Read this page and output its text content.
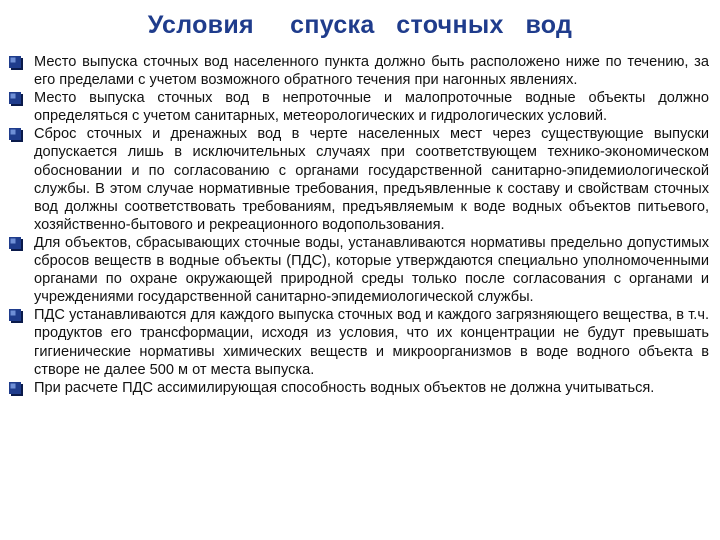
Условия     спуска   сточных   вод
Место выпуска сточных вод населенного пункта должно быть расположено ниже по течению, за его пределами с учетом возможного обратного течения при нагонных явлениях.
Место выпуска сточных вод в непроточные и малопроточные водные объекты должно определяться с учетом санитарных, метеорологических и гидрологических условий.
Сброс сточных и дренажных вод в черте населенных мест через существующие выпуски допускается лишь в исключительных случаях при соответствующем технико-экономическом обосновании и по согласованию с органами государственной санитарно-эпидемиологической службы. В этом случае нормативные требования, предъявленные к составу и свойствам сточных вод должны соответствовать требованиям, предъявляемым к воде водных объектов питьевого, хозяйственно-бытового и рекреационного водопользования.
Для объектов, сбрасывающих сточные воды, устанавливаются нормативы предельно допустимых сбросов веществ в водные объекты (ПДС), которые утверждаются специально уполномоченными органами по охране окружающей природной среды только после согласования с органами и учреждениями государственной санитарно-эпидемиологической службы.
ПДС устанавливаются для каждого выпуска сточных вод и каждого загрязняющего вещества, в т.ч. продуктов его трансформации, исходя из условия, что их концентрации не будут превышать гигиенические нормативы химических веществ и микроорганизмов в воде водного объекта в створе не далее 500 м от места выпуска.
При расчете ПДС ассимилирующая способность водных объектов не должна учитываться.
